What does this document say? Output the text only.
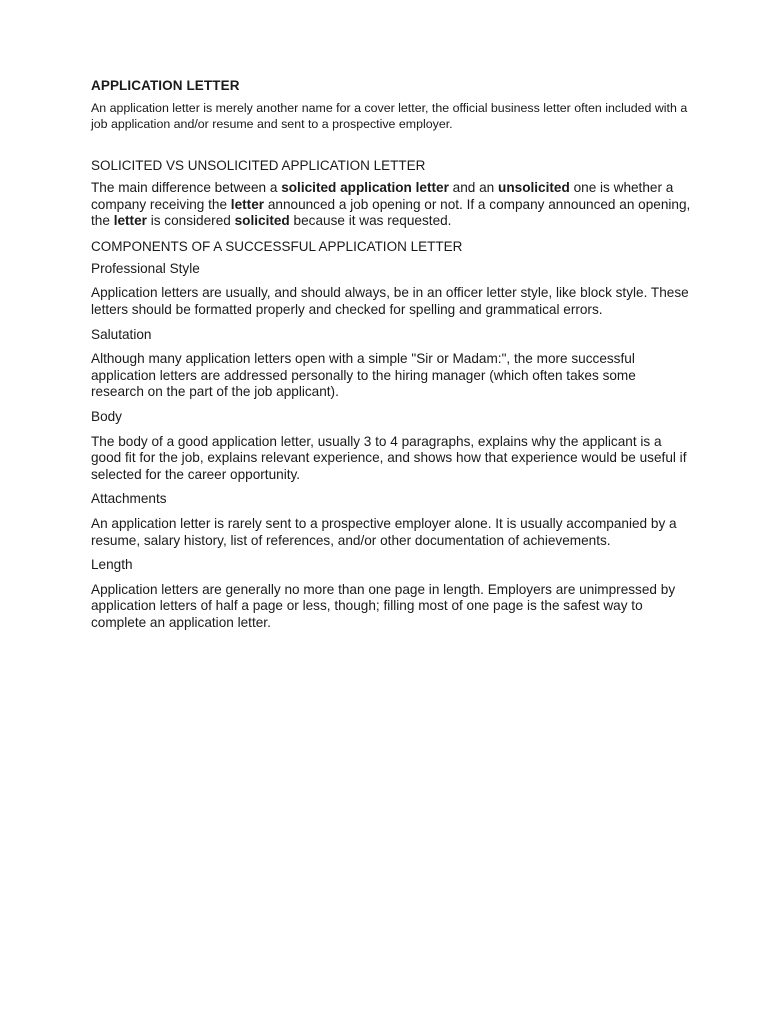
APPLICATION LETTER
An application letter is merely another name for a cover letter, the official business letter often included with a job application and/or resume and sent to a prospective employer.
SOLICITED VS UNSOLICITED APPLICATION LETTER
The main difference between a solicited application letter and an unsolicited one is whether a company receiving the letter announced a job opening or not. If a company announced an opening, the letter is considered solicited because it was requested.
COMPONENTS OF A SUCCESSFUL APPLICATION LETTER
Professional Style
Application letters are usually, and should always, be in an officer letter style, like block style. These letters should be formatted properly and checked for spelling and grammatical errors.
Salutation
Although many application letters open with a simple "Sir or Madam:", the more successful application letters are addressed personally to the hiring manager (which often takes some research on the part of the job applicant).
Body
The body of a good application letter, usually 3 to 4 paragraphs, explains why the applicant is a good fit for the job, explains relevant experience, and shows how that experience would be useful if selected for the career opportunity.
Attachments
An application letter is rarely sent to a prospective employer alone. It is usually accompanied by a resume, salary history, list of references, and/or other documentation of achievements.
Length
Application letters are generally no more than one page in length. Employers are unimpressed by application letters of half a page or less, though; filling most of one page is the safest way to complete an application letter.
